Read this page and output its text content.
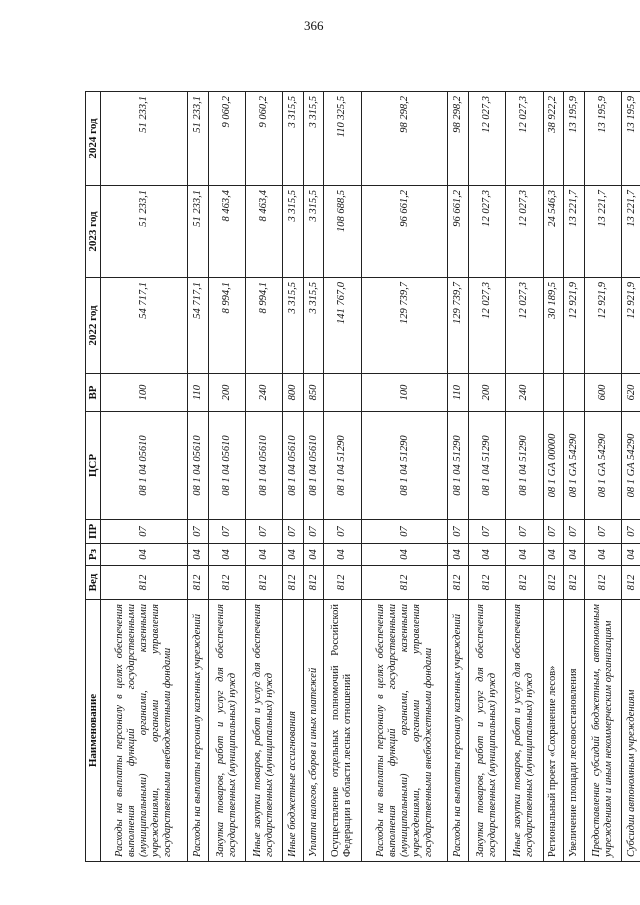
366
Наименование	Вед	Рз	ПР	ЦСР	ВР	2022 год	2023 год	2024 год
Расходы на выплаты персоналу в целях обеспечения выполнения функций государственными (муниципальными) органами, казенными учреждениями, органами управления государственными внебюджетными фондами	812	04	07	08 1 04 05610	100	54 717,1	51 233,1	51 233,1
Расходы на выплаты персоналу казенных учреждений	812	04	07	08 1 04 05610	110	54 717,1	51 233,1	51 233,1
Закупка товаров, работ и услуг для обеспечения государственных (муниципальных) нужд	812	04	07	08 1 04 05610	200	8 994,1	8 463,4	9 060,2
Иные закупки товаров, работ и услуг для обеспечения государственных (муниципальных) нужд	812	04	07	08 1 04 05610	240	8 994,1	8 463,4	9 060,2
Иные бюджетные ассигнования	812	04	07	08 1 04 05610	800	3 315,5	3 315,5	3 315,5
Уплата налогов, сборов и иных платежей	812	04	07	08 1 04 05610	850	3 315,5	3 315,5	3 315,5
Осуществление отдельных полномочий Российской Федерации в области лесных отношений	812	04	07	08 1 04 51290		141 767,0	108 688,5	110 325,5
Расходы на выплаты персоналу в целях обеспечения выполнения функций государственными (муниципальными) органами, казенными учреждениями, органами управления государственными внебюджетными фондами	812	04	07	08 1 04 51290	100	129 739,7	96 661,2	98 298,2
Расходы на выплаты персоналу казенных учреждений	812	04	07	08 1 04 51290	110	129 739,7	96 661,2	98 298,2
Закупка товаров, работ и услуг для обеспечения государственных (муниципальных) нужд	812	04	07	08 1 04 51290	200	12 027,3	12 027,3	12 027,3
Иные закупки товаров, работ и услуг для обеспечения государственных (муниципальных) нужд	812	04	07	08 1 04 51290	240	12 027,3	12 027,3	12 027,3
Региональный проект «Сохранение лесов»	812	04	07	08 1 GA 00000		30 189,5	24 546,3	38 922,2
Увеличение площади лесовосстановления	812	04	07	08 1 GA 54290		12 921,9	13 221,7	13 195,9
Предоставление субсидий бюджетным, автономным учреждениям и иным некоммерческим организациям	812	04	07	08 1 GA 54290	600	12 921,9	13 221,7	13 195,9
Субсидии автономным учреждениям	812	04	07	08 1 GA 54290	620	12 921,9	13 221,7	13 195,9
